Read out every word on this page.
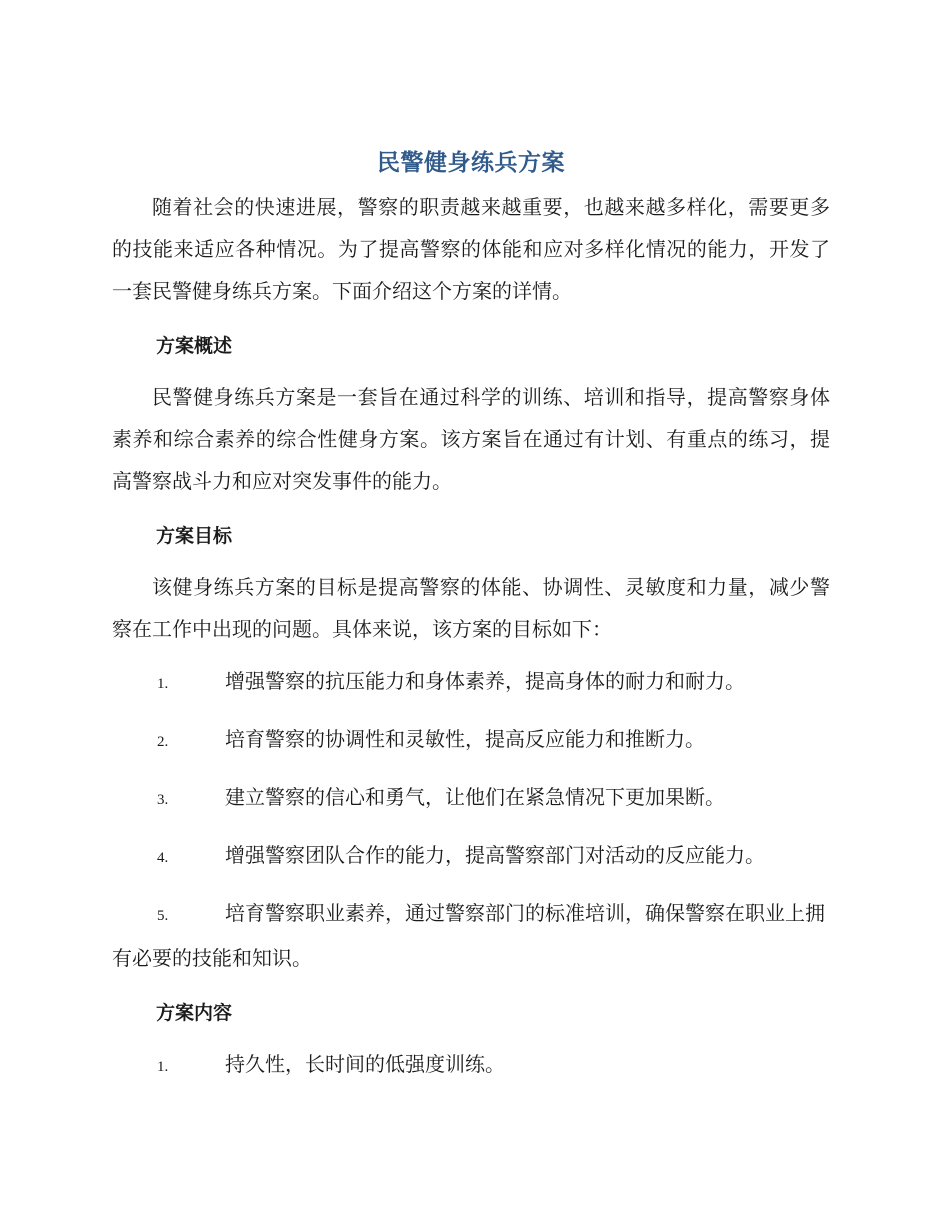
民警健身练兵方案

随着社会的快速进展，警察的职责越来越重要，也越来越多样化，需要更多的技能来适应各种情况。为了提高警察的体能和应对多样化情况的能力，开发了一套民警健身练兵方案。下面介绍这个方案的详情。

方案概述

民警健身练兵方案是一套旨在通过科学的训练、培训和指导，提高警察身体素养和综合素养的综合性健身方案。该方案旨在通过有计划、有重点的练习，提高警察战斗力和应对突发事件的能力。

方案目标

该健身练兵方案的目标是提高警察的体能、协调性、灵敏度和力量，减少警察在工作中出现的问题。具体来说，该方案的目标如下：

1.	增强警察的抗压能力和身体素养，提高身体的耐力和耐力。
2.	培育警察的协调性和灵敏性，提高反应能力和推断力。
3.	建立警察的信心和勇气，让他们在紧急情况下更加果断。
4.	增强警察团队合作的能力，提高警察部门对活动的反应能力。
5.	培育警察职业素养，通过警察部门的标准培训，确保警察在职业上拥有必要的技能和知识。
方案内容
1.	持久性，长时间的低强度训练。
